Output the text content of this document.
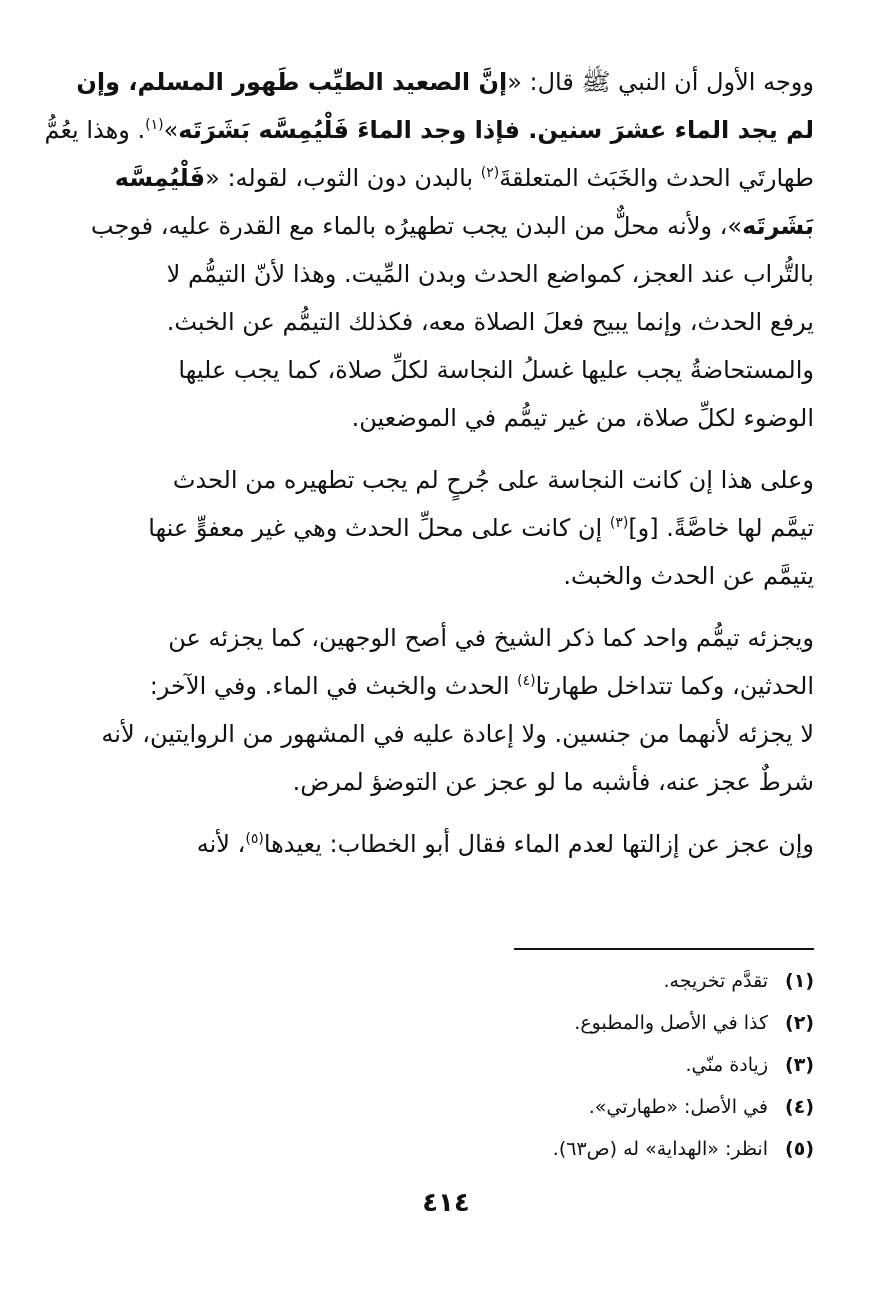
ووجه الأول أن النبي ﷺ قال: «إنَّ الصعيد الطيِّب طَهور المسلم، وإن
لم يجد الماء عشرَ سنين. فإذا وجد الماءَ فَلْيُمِسَّه بَشَرَتَه»$^{(١)}$. وهذا يعُمُّ
طهارتَي الحدث والخَبَث المتعلقةَ$^{(٢)}$ بالبدن دون الثوب، لقوله: «فَلْيُمِسَّه
بَشَرتَه»، ولأنه محلٌّ من البدن يجب تطهيرُه بالماء مع القدرة عليه، فوجب
بالتُّراب عند العجز، كمواضع الحدث وبدن المِّيت. وهذا لأنّ التيمُّم لا
يرفع الحدث، وإنما يبيح فعلَ الصلاة معه، فكذلك التيمُّم عن الخبث.
والمستحاضةُ يجب عليها غسلُ النجاسة لكلِّ صلاة، كما يجب عليها
الوضوء لكلِّ صلاة، من غير تيمُّم في الموضعين.
وعلى هذا إن كانت النجاسة على جُرحٍ لم يجب تطهيره من الحدث
تيمَّم لها خاصَّةً. [و]$^{(٣)}$ إن كانت على محلِّ الحدث وهي غير معفوٍّ عنها
يتيمَّم عن الحدث والخبث.
ويجزئه تيمُّم واحد كما ذكر الشيخ في أصح الوجهين، كما يجزئه عن
الحدثين، وكما تتداخل طهارتا$^{(٤)}$ الحدث والخبث في الماء. وفي الآخر:
لا يجزئه لأنهما من جنسين. ولا إعادة عليه في المشهور من الروايتين، لأنه
شرطٌ عجز عنه، فأشبه ما لو عجز عن التوضؤ لمرض.
وإن عجز عن إزالتها لعدم الماء فقال أبو الخطاب: يعيدها$^{(٥)}$، لأنه
(١)تقدَّم تخريجه.
(٢)كذا في الأصل والمطبوع.
(٣)زيادة منّي.
(٤)في الأصل: «طهارتي».
(٥)انظر: «الهداية» له (ص٦٣).
٤١٤
